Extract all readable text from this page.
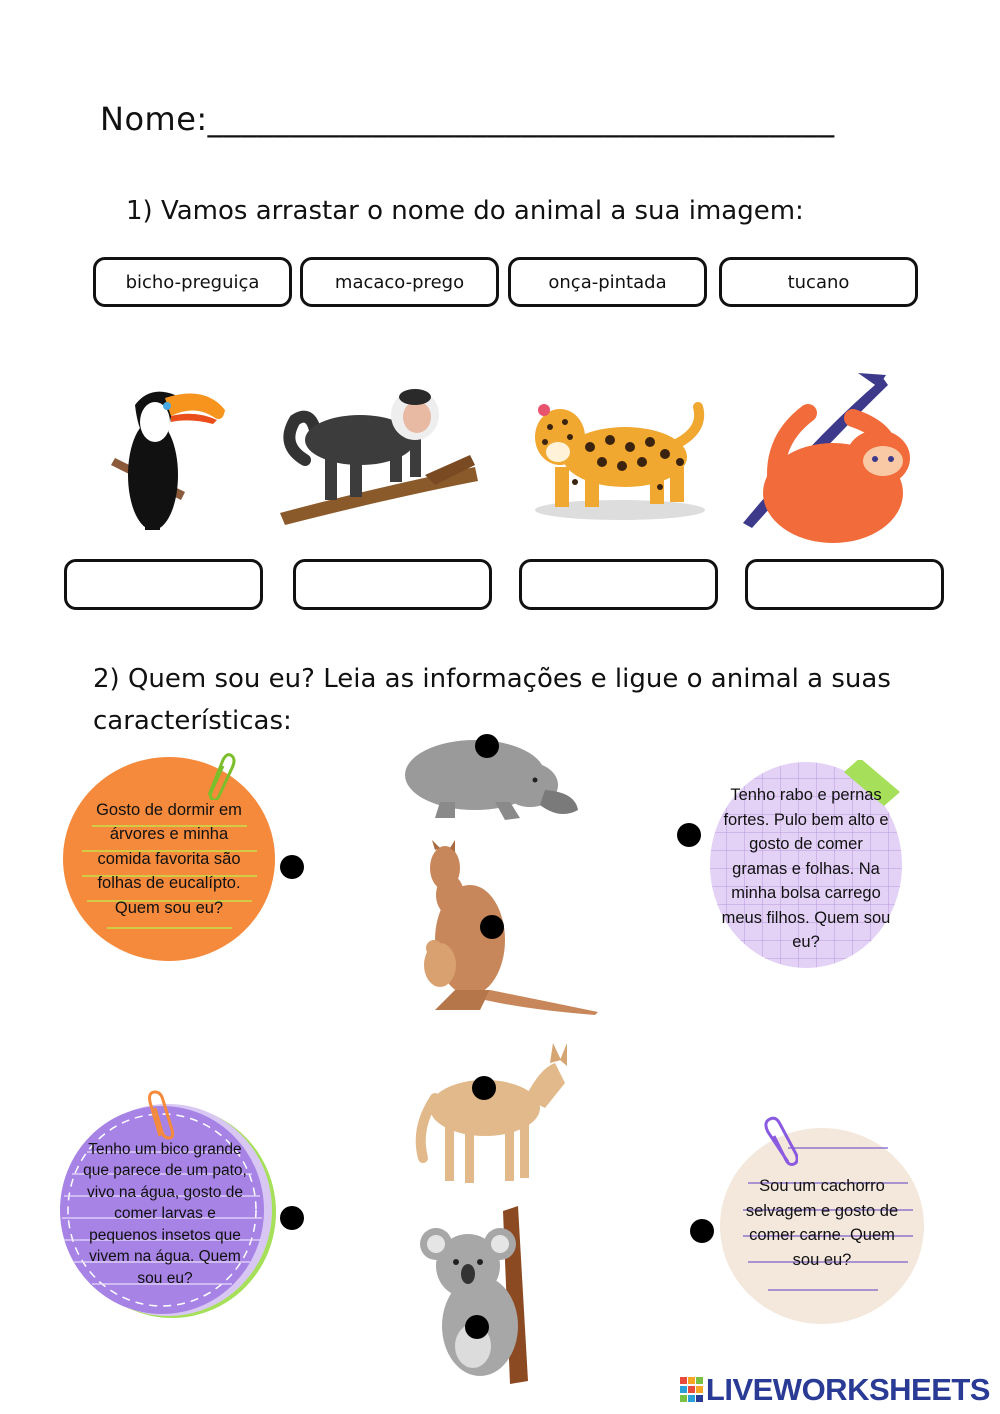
Nome:______________________________________
1) Vamos arrastar o nome do animal a sua imagem:
bicho-preguiça	macaco-prego	onça-pintada	tucano
2) Quem sou eu? Leia as informações e ligue o animal a suas
características:
Gosto de dormir em árvores e minha comida favorita são folhas de eucalípto. Quem sou eu?
Tenho rabo e pernas fortes. Pulo bem alto e gosto de comer gramas e folhas. Na minha bolsa carrego meus filhos. Quem sou eu?
Tenho um bico grande que parece de um pato, vivo na água, gosto de comer larvas e pequenos insetos que vivem na água. Quem sou eu?
Sou um cachorro selvagem e gosto de comer carne. Quem sou eu?
LIVEWORKSHEETS
